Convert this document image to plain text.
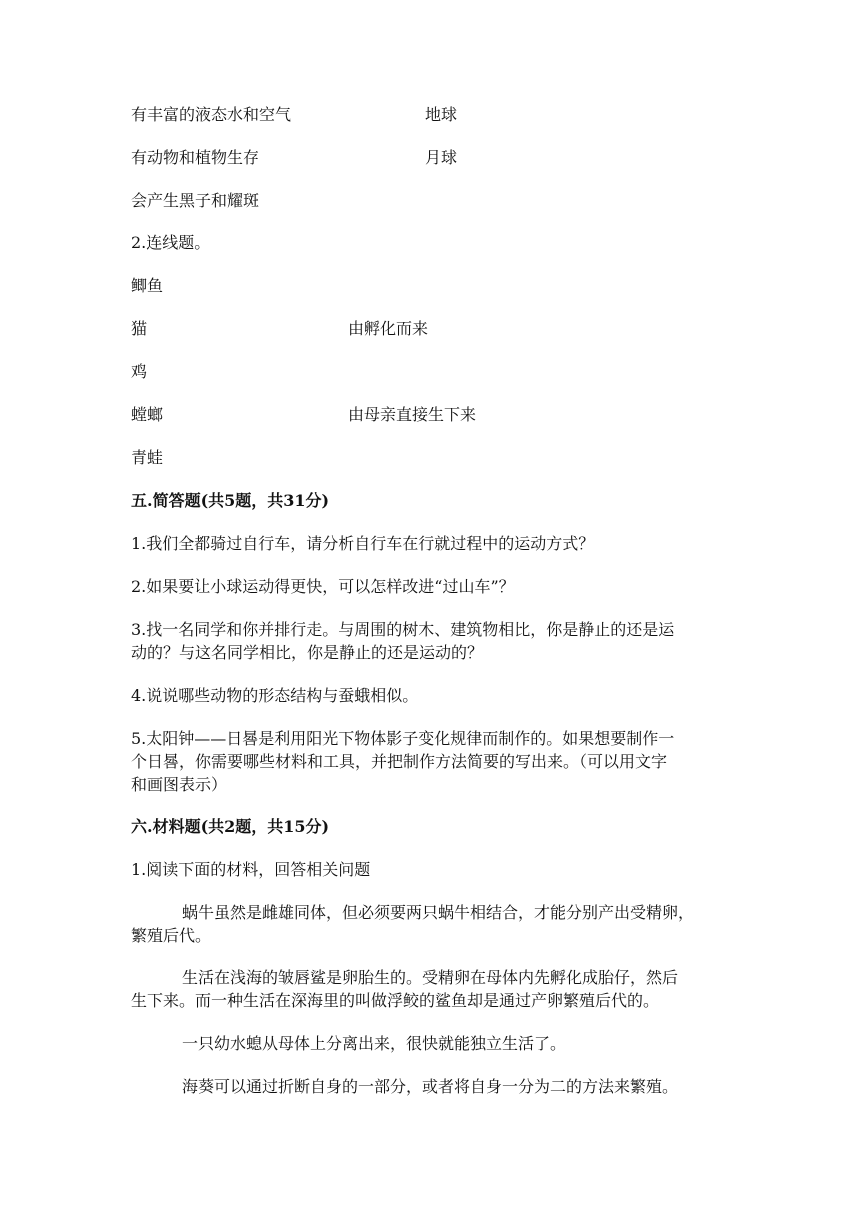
有丰富的液态水和空气	地球
有动物和植物生存	月球
会产生黑子和耀斑
2.连线题。
鲫鱼
猫	由孵化而来
鸡
螳螂	由母亲直接生下来
青蛙
五.简答题(共5题，共31分)
1.我们全都骑过自行车，请分析自行车在行就过程中的运动方式？
2.如果要让小球运动得更快，可以怎样改进“过山车”？
3.找一名同学和你并排行走。与周围的树木、建筑物相比，你是静止的还是运
动的？与这名同学相比，你是静止的还是运动的？
4.说说哪些动物的形态结构与蚕蛾相似。
5.太阳钟——日晷是利用阳光下物体影子变化规律而制作的。如果想要制作一
个日晷，你需要哪些材料和工具，并把制作方法简要的写出来。（可以用文字
和画图表示）
六.材料题(共2题，共15分)
1.阅读下面的材料，回答相关问题
蜗牛虽然是雌雄同体，但必须要两只蜗牛相结合，才能分别产出受精卵，
繁殖后代。
生活在浅海的皱唇鲨是卵胎生的。受精卵在母体内先孵化成胎仔，然后
生下来。而一种生活在深海里的叫做浮鲛的鲨鱼却是通过产卵繁殖后代的。
一只幼水螅从母体上分离出来，很快就能独立生活了。
海葵可以通过折断自身的一部分，或者将自身一分为二的方法来繁殖。
